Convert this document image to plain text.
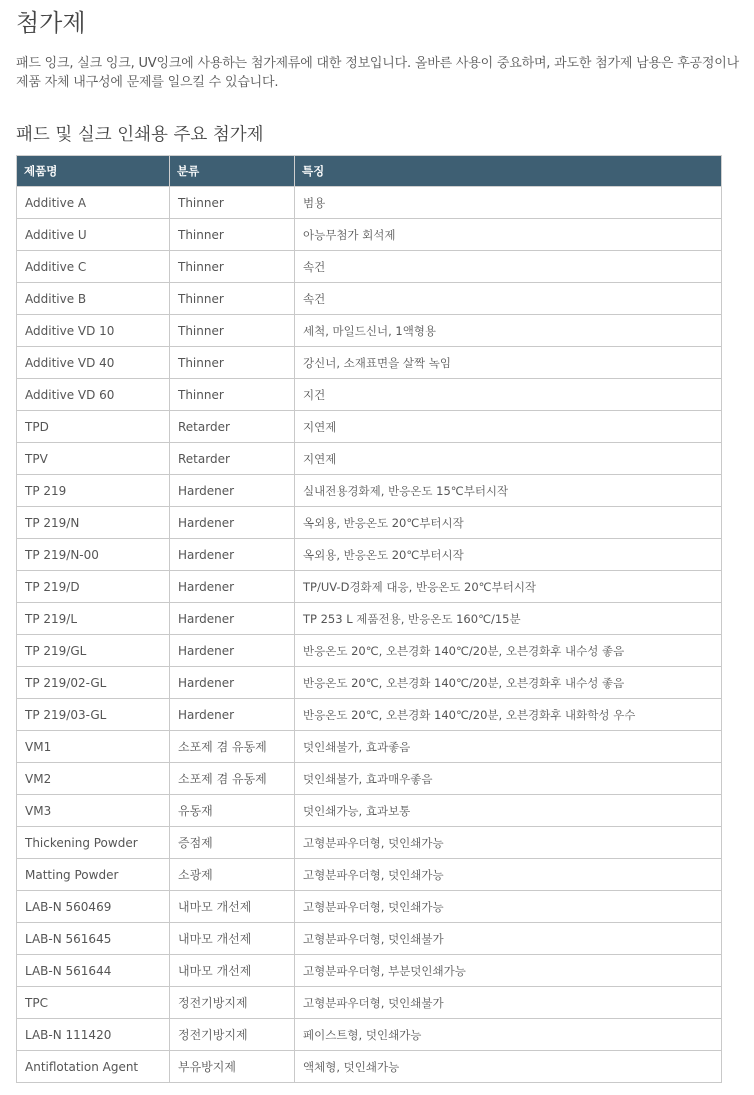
첨가제

패드 잉크, 실크 잉크, UV잉크에 사용하는 첨가제류에 대한 정보입니다. 올바른 사용이 중요하며, 과도한 첨가제 남용은 후공정이나 제품 자체 내구성에 문제를 일으킬 수 있습니다.

패드 및 실크 인쇄용 주요 첨가제
제품명	분류	특징
Additive A	Thinner	범용
Additive U	Thinner	아능무첨가 회석제
Additive C	Thinner	속건
Additive B	Thinner	속건
Additive VD 10	Thinner	세척, 마일드신너, 1액형용
Additive VD 40	Thinner	강신너, 소재표면을 살짝 녹임
Additive VD 60	Thinner	지건
TPD	Retarder	지연제
TPV	Retarder	지연제
TP 219	Hardener	실내전용경화제, 반응온도 15℃부터시작
TP 219/N	Hardener	옥외용, 반응온도 20℃부터시작
TP 219/N-00	Hardener	옥외용, 반응온도 20℃부터시작
TP 219/D	Hardener	TP/UV-D경화제 대응, 반응온도 20℃부터시작
TP 219/L	Hardener	TP 253 L 제품전용, 반응온도 160℃/15분
TP 219/GL	Hardener	반응온도 20℃, 오븐경화 140℃/20분, 오븐경화후 내수성 좋음
TP 219/02-GL	Hardener	반응온도 20℃, 오븐경화 140℃/20분, 오븐경화후 내수성 좋음
TP 219/03-GL	Hardener	반응온도 20℃, 오븐경화 140℃/20분, 오븐경화후 내화학성 우수
VM1	소포제 겸 유동제	덧인쇄불가, 효과좋음
VM2	소포제 겸 유동제	덧인쇄불가, 효과매우좋음
VM3	유동재	덧인쇄가능, 효과보통
Thickening Powder	증점제	고형분파우더형, 덧인쇄가능
Matting Powder	소광제	고형분파우더형, 덧인쇄가능
LAB-N 560469	내마모 개선제	고형분파우더형, 덧인쇄가능
LAB-N 561645	내마모 개선제	고형분파우더형, 덧인쇄불가
LAB-N 561644	내마모 개선제	고형분파우더형, 부분덧인쇄가능
TPC	정전기방지제	고형분파우더형, 덧인쇄불가
LAB-N 111420	정전기방지제	페이스트형, 덧인쇄가능
Antiflotation Agent	부유방지제	액체형, 덧인쇄가능
